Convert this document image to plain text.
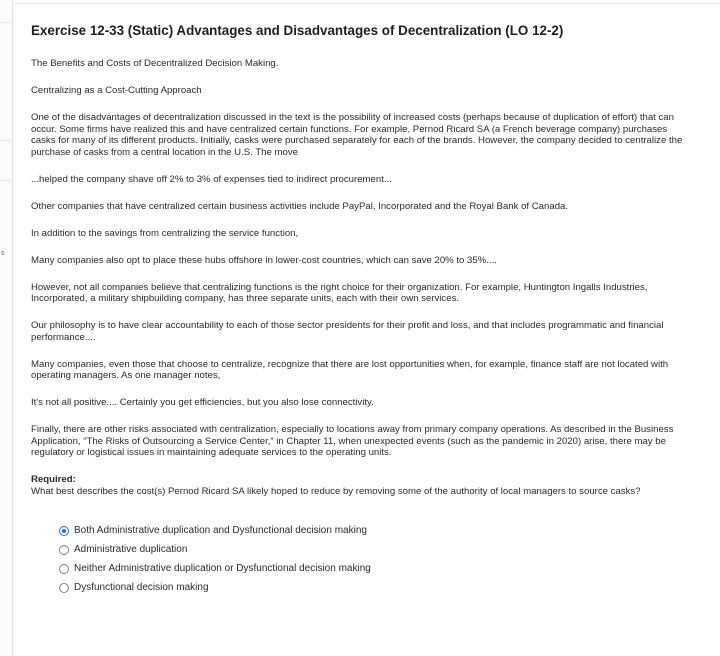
s
Exercise 12-33 (Static) Advantages and Disadvantages of Decentralization (LO 12-2)

The Benefits and Costs of Decentralized Decision Making.

Centralizing as a Cost-Cutting Approach

One of the disadvantages of decentralization discussed in the text is the possibility of increased costs (perhaps because of duplication of effort) that can occur. Some firms have realized this and have centralized certain functions. For example, Pernod Ricard SA (a French beverage company) purchases casks for many of its different products. Initially, casks were purchased separately for each of the brands. However, the company decided to centralize the purchase of casks from a central location in the U.S. The move

...helped the company shave off 2% to 3% of expenses tied to indirect procurement...

Other companies that have centralized certain business activities include PayPal, Incorporated and the Royal Bank of Canada.

In addition to the savings from centralizing the service function,

Many companies also opt to place these hubs offshore in lower-cost countries, which can save 20% to 35%....

However, not all companies believe that centralizing functions is the right choice for their organization. For example, Huntington Ingalls Industries, Incorporated, a military shipbuilding company, has three separate units, each with their own services.

Our philosophy is to have clear accountability to each of those sector presidents for their profit and loss, and that includes programmatic and financial performance....

Many companies, even those that choose to centralize, recognize that there are lost opportunities when, for example, finance staff are not located with operating managers. As one manager notes,

It's not all positive.... Certainly you get efficiencies, but you also lose connectivity.

Finally, there are other risks associated with centralization, especially to locations away from primary company operations. As described in the Business Application, “The Risks of Outsourcing a Service Center,” in Chapter 11, when unexpected events (such as the pandemic in 2020) arise, there may be regulatory or logistical issues in maintaining adequate services to the operating units.

Required:
What best describes the cost(s) Pernod Ricard SA likely hoped to reduce by removing some of the authority of local managers to source casks?
Both Administrative duplication and Dysfunctional decision making
Administrative duplication
Neither Administrative duplication or Dysfunctional decision making
Dysfunctional decision making
